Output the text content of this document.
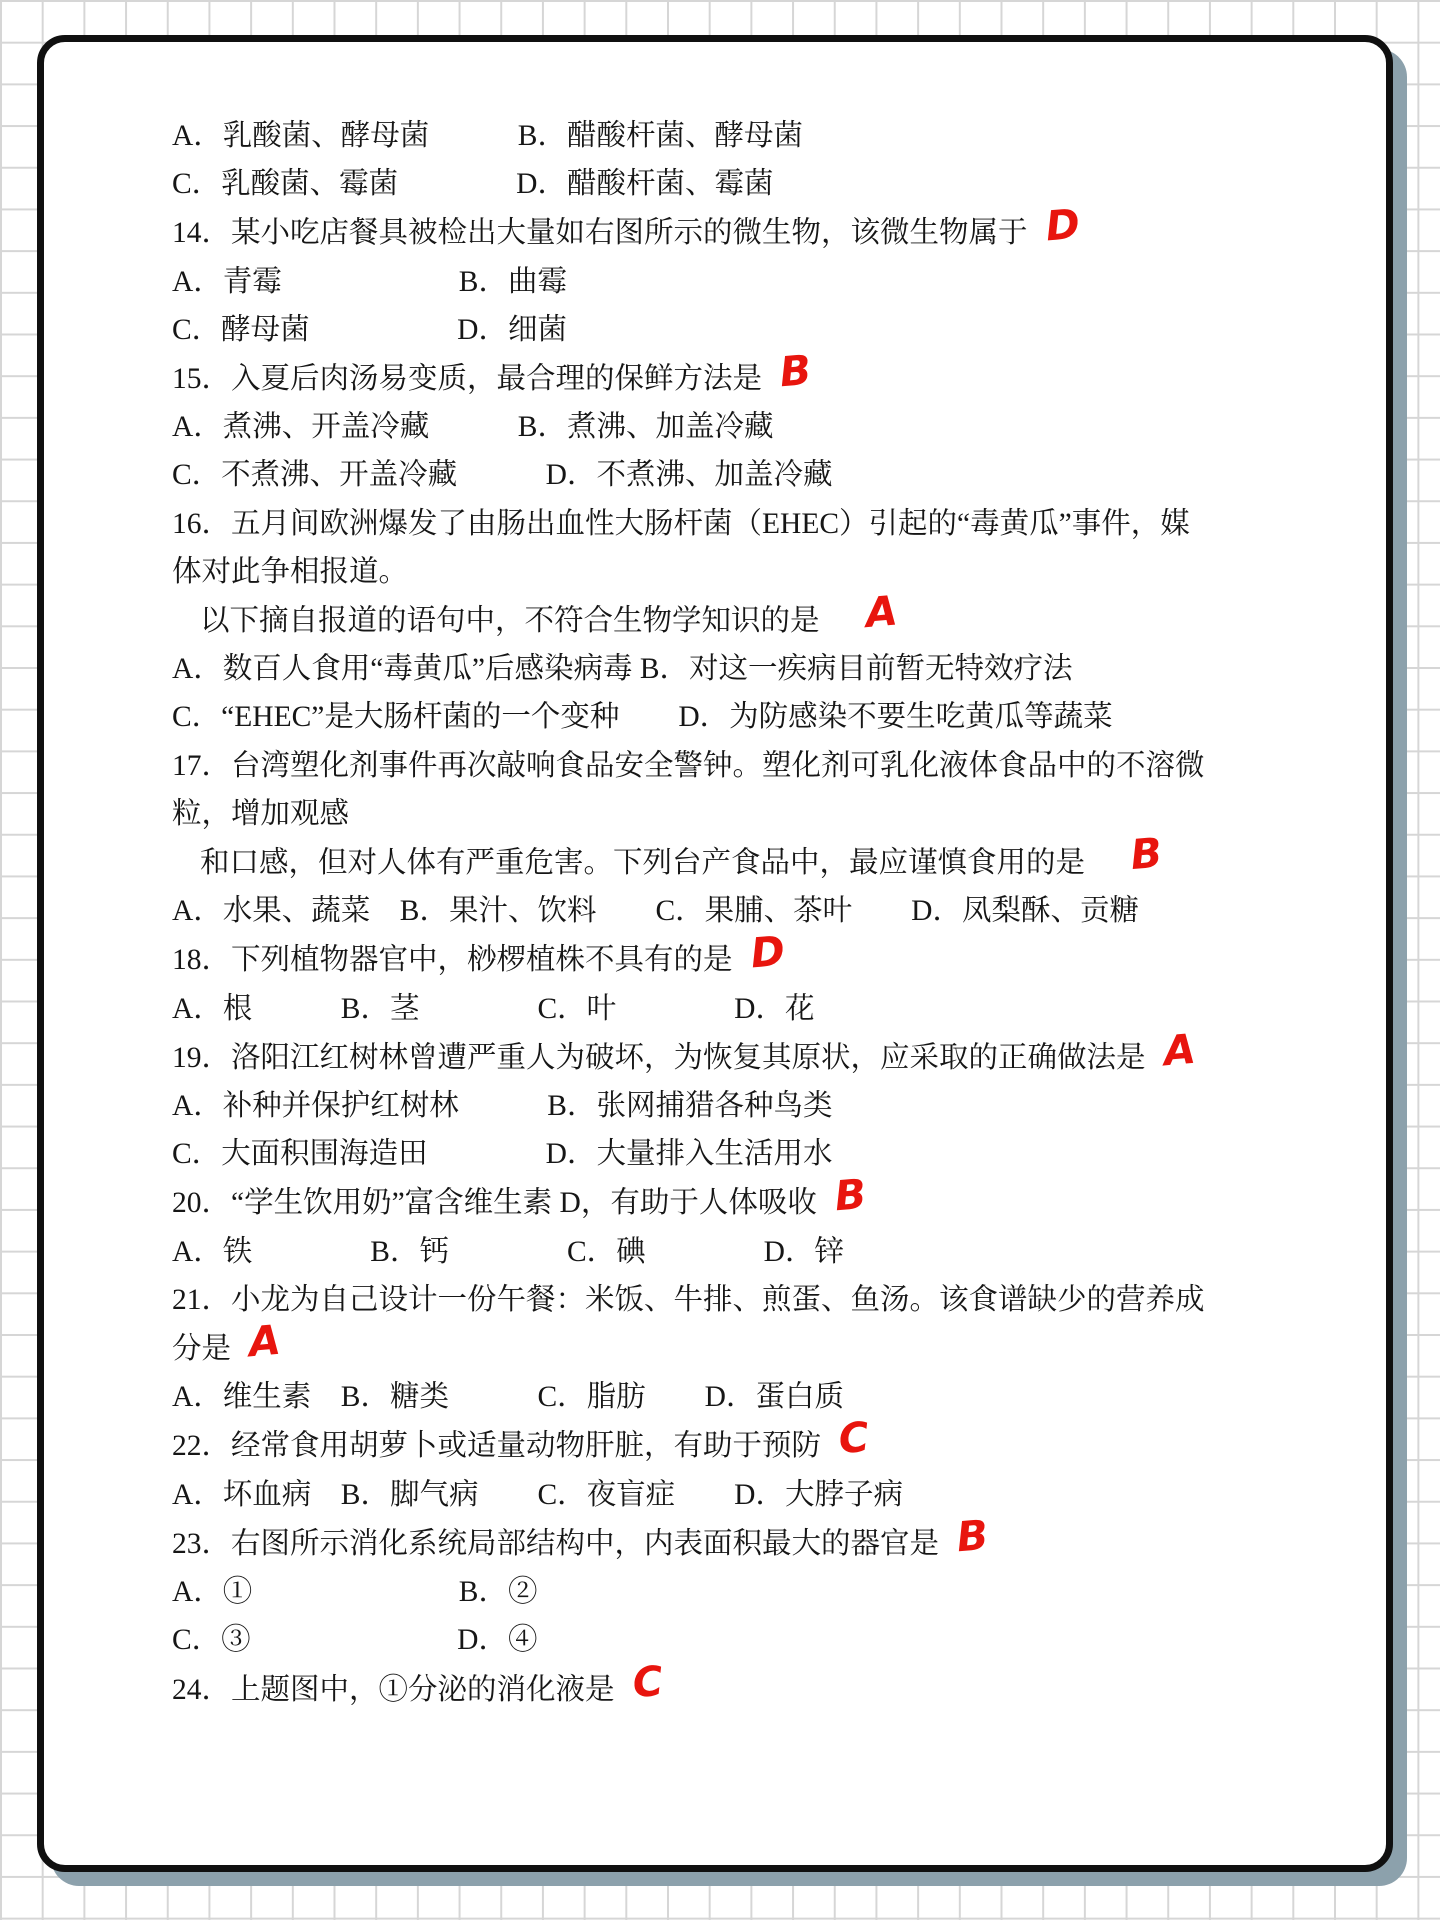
A．乳酸菌、酵母菌　　　B．醋酸杆菌、酵母菌
C．乳酸菌、霉菌　　　　D．醋酸杆菌、霉菌
14．某小吃店餐具被检出大量如右图所示的微生物，该微生物属于 D
A．青霉　　　　　　B．曲霉
C．酵母菌　　　　　D．细菌
15．入夏后肉汤易变质，最合理的保鲜方法是 B
A．煮沸、开盖冷藏　　　B．煮沸、加盖冷藏
C．不煮沸、开盖冷藏　　　D．不煮沸、加盖冷藏
16．五月间欧洲爆发了由肠出血性大肠杆菌（EHEC）引起的“毒黄瓜”事件，媒
体对此争相报道。
以下摘自报道的语句中，不符合生物学知识的是 A
A．数百人食用“毒黄瓜”后感染病毒 B．对这一疾病目前暂无特效疗法
C．“EHEC”是大肠杆菌的一个变种　　D．为防感染不要生吃黄瓜等蔬菜
17．台湾塑化剂事件再次敲响食品安全警钟。塑化剂可乳化液体食品中的不溶微
粒，增加观感
和口感，但对人体有严重危害。下列台产食品中，最应谨慎食用的是 B
A．水果、蔬菜　B．果汁、饮料　　C．果脯、茶叶　　D．凤梨酥、贡糖
18．下列植物器官中，桫椤植株不具有的是 D
A．根　　　B．茎　　　　C．叶　　　　D．花
19．洛阳江红树林曾遭严重人为破坏，为恢复其原状，应采取的正确做法是 A
A．补种并保护红树林　　　B．张网捕猎各种鸟类
C．大面积围海造田　　　　D．大量排入生活用水
20．“学生饮用奶”富含维生素 D，有助于人体吸收 B
A．铁　　　　B．钙　　　　C．碘　　　　D．锌
21．小龙为自己设计一份午餐：米饭、牛排、煎蛋、鱼汤。该食谱缺少的营养成
分是 A
A．维生素　B．糖类　　　C．脂肪　　D．蛋白质
22．经常食用胡萝卜或适量动物肝脏，有助于预防 C
A．坏血病　B．脚气病　　C．夜盲症　　D．大脖子病
23．右图所示消化系统局部结构中，内表面积最大的器官是 B
A．①　　　　　　　B．②
C．③　　　　　　　D．④
24．上题图中，①分泌的消化液是 C
